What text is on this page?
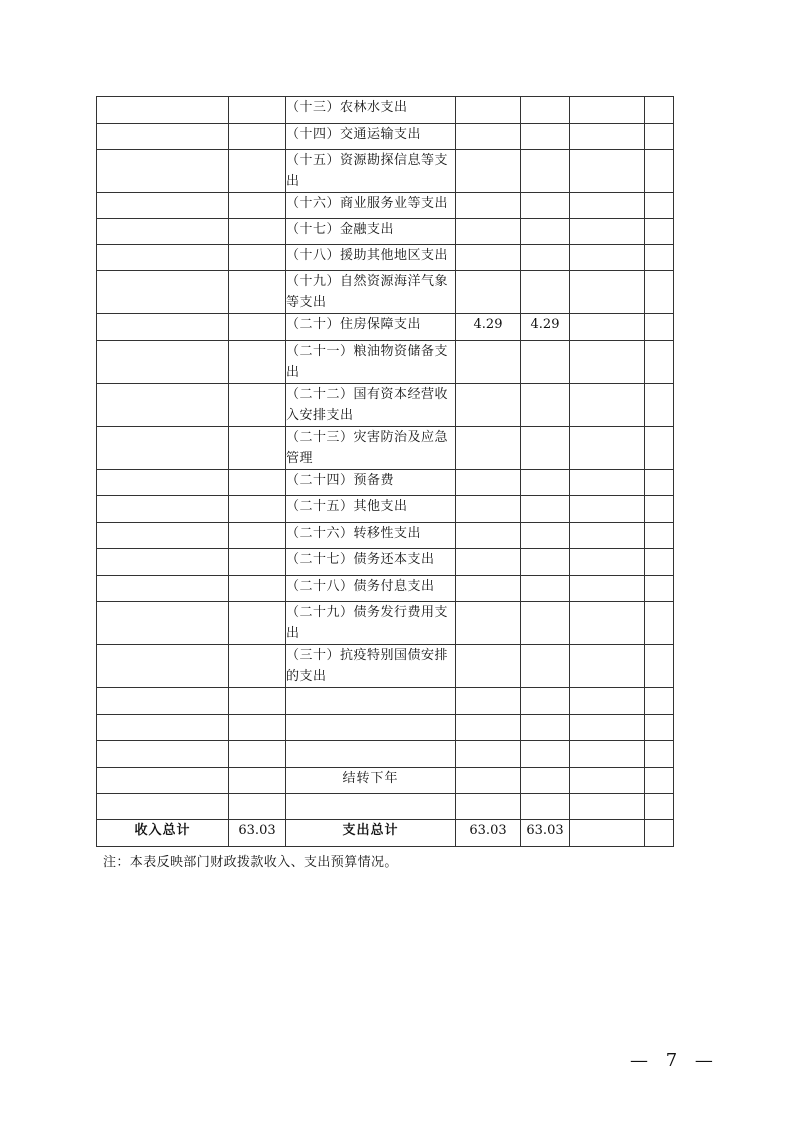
		（十三）农林水支出				
		（十四）交通运输支出				
		（十五）资源勘探信息等支出				
		（十六）商业服务业等支出				
		（十七）金融支出				
		（十八）援助其他地区支出				
		（十九）自然资源海洋气象等支出				
		（二十）住房保障支出	4.29	4.29		
		（二十一）粮油物资储备支出				
		（二十二）国有资本经营收入安排支出				
		（二十三）灾害防治及应急管理				
		（二十四）预备费				
		（二十五）其他支出				
		（二十六）转移性支出				
		（二十七）债务还本支出				
		（二十八）债务付息支出				
		（二十九）债务发行费用支出				
		（三十）抗疫特别国债安排的支出				

		结转下年				

收入总计	63.03	支出总计	63.03	63.03		
注：本表反映部门财政拨款收入、支出预算情况。
— 7 —
